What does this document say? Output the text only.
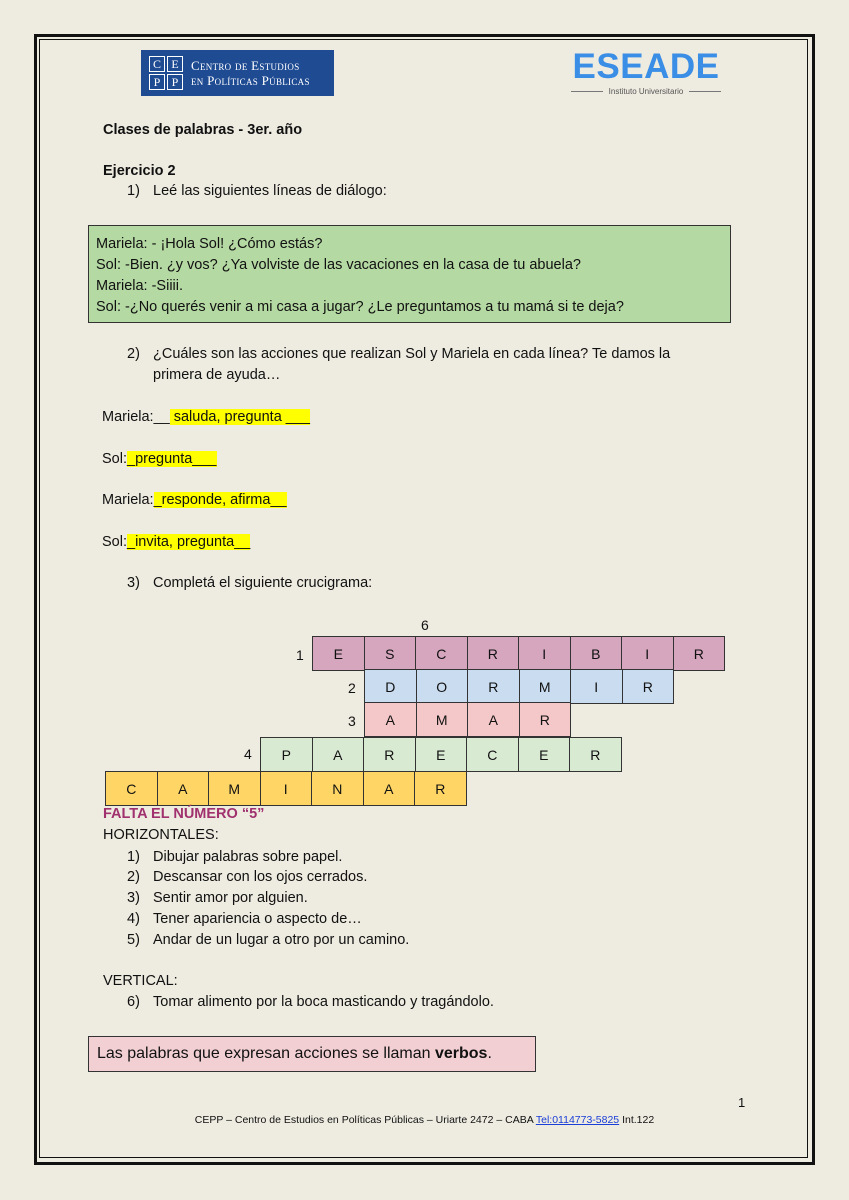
C E
P P
Centro de Estudios
en Políticas Públicas	ESEADE
Instituto Universitario
Clases de palabras - 3er. año
Ejercicio 2
1) Leé las siguientes líneas de diálogo:
Mariela: - ¡Hola Sol! ¿Cómo estás?
Sol: -Bien. ¿y vos? ¿Ya volviste de las vacaciones en la casa de tu abuela?
Mariela: -Siiii.
Sol: -¿No querés venir a mi casa a jugar? ¿Le preguntamos a tu mamá si te deja?
2) ¿Cuáles son las acciones que realizan Sol y Mariela en cada línea? Te damos la
primera de ayuda…
Mariela:__ saluda, pregunta ___
Sol:_pregunta___
Mariela:_responde, afirma__
Sol:_invita, pregunta__
3) Completá el siguiente crucigrama:
6
1	E	S	C	R	I	B	I	R
2	D	O	R	M	I	R
3	A	M	A	R
4	P	A	R	E	C	E	R
C	A	M	I	N	A	R
FALTA EL NÚMERO “5”
HORIZONTALES:
1) Dibujar palabras sobre papel.
2) Descansar con los ojos cerrados.
3) Sentir amor por alguien.
4) Tener apariencia o aspecto de…
5) Andar de un lugar a otro por un camino.
VERTICAL:
6) Tomar alimento por la boca masticando y tragándolo.
Las palabras que expresan acciones se llaman verbos .
1
CEPP – Centro de Estudios en Políticas Públicas – Uriarte 2472 – CABA Tel:0114773-5825 Int.122
